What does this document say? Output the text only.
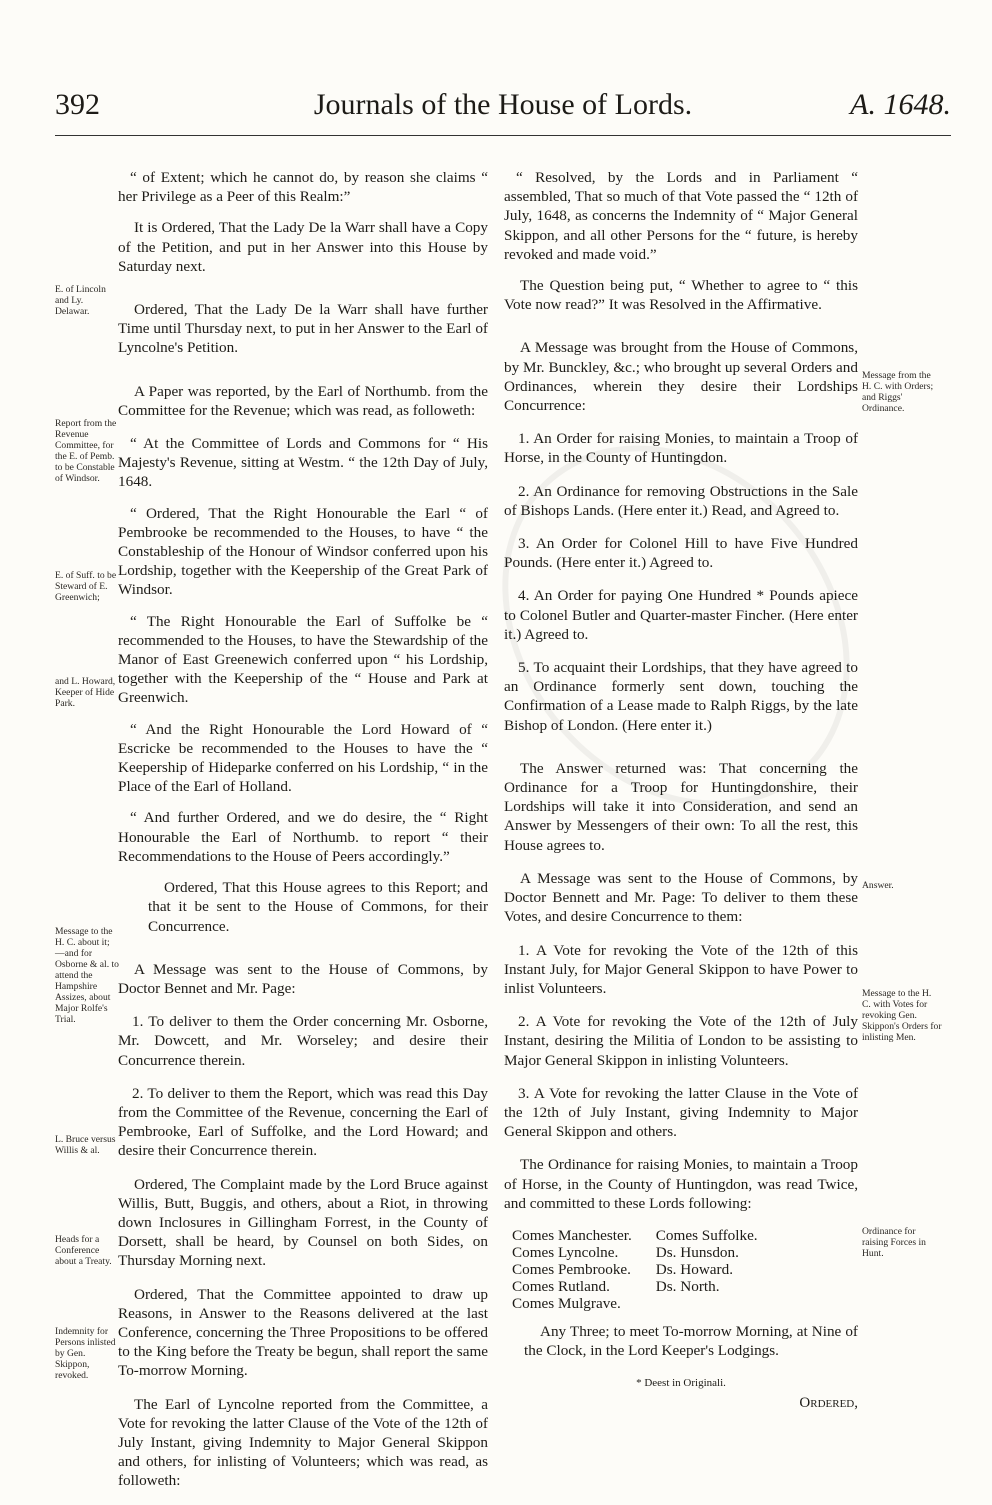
392	Journals of the House of Lords.	A. 1648.
E. of Lincoln and Ly. Delawar.
Report from the Revenue Committee, for the E. of Pemb. to be Constable of Windsor.
E. of Suff. to be Steward of E. Greenwich;
and L. Howard, Keeper of Hide Park.
Message to the H. C. about it;—and for Osborne & al. to attend the Hampshire Assizes, about Major Rolfe's Trial.
L. Bruce versus Willis & al.
Heads for a Conference about a Treaty.
Indemnity for Persons inlisted by Gen. Skippon, revoked.
Message from the H. C. with Orders; and Riggs' Ordinance.
Answer.
Message to the H. C. with Votes for revoking Gen. Skippon's Orders for inlisting Men.
Ordinance for raising Forces in Hunt.

“ of Extent; which he cannot do, by reason she claims “ her Privilege as a Peer of this Realm:”

It is Ordered, That the Lady De la Warr shall have a Copy of the Petition, and put in her Answer into this House by Saturday next.

Ordered, That the Lady De la Warr shall have further Time until Thursday next, to put in her Answer to the Earl of Lyncolne's Petition.

A Paper was reported, by the Earl of Northumb. from the Committee for the Revenue; which was read, as followeth:

“ At the Committee of Lords and Commons for “ His Majesty's Revenue, sitting at Westm. “ the 12th Day of July, 1648.

“ Ordered, That the Right Honourable the Earl “ of Pembrooke be recommended to the Houses, to have “ the Constableship of the Honour of Windsor conferred upon his Lordship, together with the Keepership of the Great Park of Windsor.

“ The Right Honourable the Earl of Suffolke be “ recommended to the Houses, to have the Stewardship of the Manor of East Greenewich conferred upon “ his Lordship, together with the Keepership of the “ House and Park at Greenwich.

“ And the Right Honourable the Lord Howard of “ Escricke be recommended to the Houses to have the “ Keepership of Hideparke conferred on his Lordship, “ in the Place of the Earl of Holland.

“ And further Ordered, and we do desire, the “ Right Honourable the Earl of Northumb. to report “ their Recommendations to the House of Peers accordingly.”

Ordered, That this House agrees to this Report; and that it be sent to the House of Commons, for their Concurrence.

A Message was sent to the House of Commons, by Doctor Bennet and Mr. Page:

1. To deliver to them the Order concerning Mr. Osborne, Mr. Dowcett, and Mr. Worseley; and desire their Concurrence therein.

2. To deliver to them the Report, which was read this Day from the Committee of the Revenue, concerning the Earl of Pembrooke, Earl of Suffolke, and the Lord Howard; and desire their Concurrence therein.

Ordered, The Complaint made by the Lord Bruce against Willis, Butt, Buggis, and others, about a Riot, in throwing down Inclosures in Gillingham Forrest, in the County of Dorsett, shall be heard, by Counsel on both Sides, on Thursday Morning next.

Ordered, That the Committee appointed to draw up Reasons, in Answer to the Reasons delivered at the last Conference, concerning the Three Propositions to be offered to the King before the Treaty be begun, shall report the same To-morrow Morning.

The Earl of Lyncolne reported from the Committee, a Vote for revoking the latter Clause of the Vote of the 12th of July Instant, giving Indemnity to Major General Skippon and others, for inlisting of Volunteers; which was read, as followeth:

“ Resolved, by the Lords and in Parliament “ assembled, That so much of that Vote passed the “ 12th of July, 1648, as concerns the Indemnity of “ Major General Skippon, and all other Persons for the “ future, is hereby revoked and made void.”

The Question being put, “ Whether to agree to “ this Vote now read?” It was Resolved in the Affirmative.

A Message was brought from the House of Commons, by Mr. Bunckley, &c.; who brought up several Orders and Ordinances, wherein they desire their Lordships Concurrence:

1. An Order for raising Monies, to maintain a Troop of Horse, in the County of Huntingdon.

2. An Ordinance for removing Obstructions in the Sale of Bishops Lands. (Here enter it.) Read, and Agreed to.

3. An Order for Colonel Hill to have Five Hundred Pounds. (Here enter it.) Agreed to.

4. An Order for paying One Hundred * Pounds apiece to Colonel Butler and Quarter-master Fincher. (Here enter it.) Agreed to.

5. To acquaint their Lordships, that they have agreed to an Ordinance formerly sent down, touching the Confirmation of a Lease made to Ralph Riggs, by the late Bishop of London. (Here enter it.)

The Answer returned was: That concerning the Ordinance for a Troop for Huntingdonshire, their Lordships will take it into Consideration, and send an Answer by Messengers of their own: To all the rest, this House agrees to.

A Message was sent to the House of Commons, by Doctor Bennett and Mr. Page: To deliver to them these Votes, and desire Concurrence to them:

1. A Vote for revoking the Vote of the 12th of this Instant July, for Major General Skippon to have Power to inlist Volunteers.

2. A Vote for revoking the Vote of the 12th of July Instant, desiring the Militia of London to be assisting to Major General Skippon in inlisting Volunteers.

3. A Vote for revoking the latter Clause in the Vote of the 12th of July Instant, giving Indemnity to Major General Skippon and others.

The Ordinance for raising Monies, to maintain a Troop of Horse, in the County of Huntingdon, was read Twice, and committed to these Lords following:

Comes Manchester.
Comes Lyncolne.
Comes Pembrooke.
Comes Rutland.
Comes Mulgrave.
Comes Suffolke.
Ds. Hunsdon.
Ds. Howard.
Ds. North.

Any Three; to meet To-morrow Morning, at Nine of the Clock, in the Lord Keeper's Lodgings.

* Deest in Originali.

Ordered,
